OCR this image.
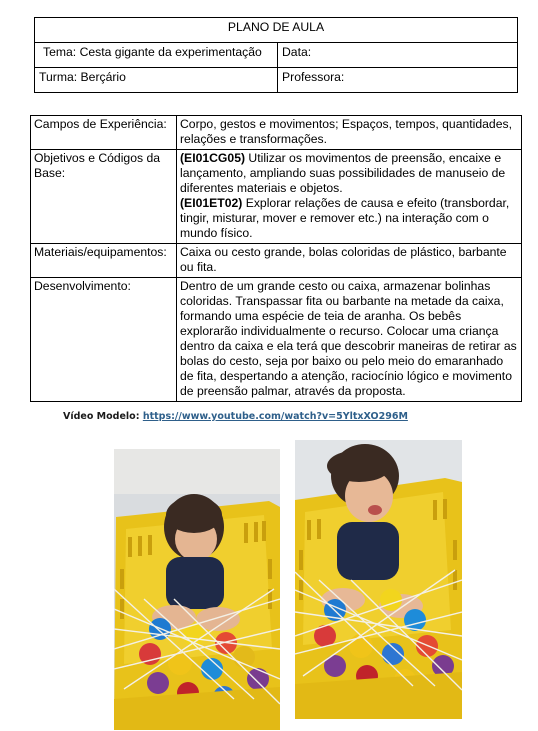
PLANO DE AULA	
Tema: Cesta gigante da experimentação	Data:
Turma: Berçário	Professora:
Campos de Experiência:	Corpo, gestos e movimentos; Espaços, tempos, quantidades, relações e transformações.
Objetivos e Códigos da Base:	(EI01CG05) Utilizar os movimentos de preensão, encaixe e lançamento, ampliando suas possibilidades de manuseio de diferentes materiais e objetos.
(EI01ET02) Explorar relações de causa e efeito (transbordar, tingir, misturar, mover e remover etc.) na interação com o mundo físico.
Materiais/equipamentos:	Caixa ou cesto grande, bolas coloridas de plástico, barbante ou fita.
Desenvolvimento:	Dentro de um grande cesto ou caixa, armazenar bolinhas coloridas. Transpassar fita ou barbante na metade da caixa, formando uma espécie de teia de aranha. Os bebês explorarão individualmente o recurso. Colocar uma criança dentro da caixa e ela terá que descobrir maneiras de retirar as bolas do cesto, seja por baixo ou pelo meio do emaranhado de fita, despertando a atenção, raciocínio lógico e movimento de preensão palmar, através da proposta.
Vídeo Modelo: https://www.youtube.com/watch?v=5YltxXO296M
